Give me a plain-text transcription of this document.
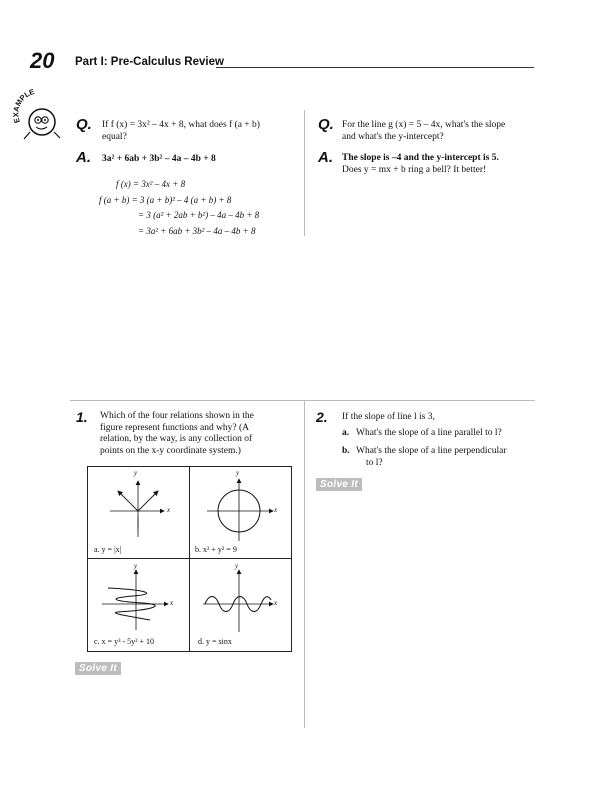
20 Part I: Pre-Calculus Review
EXAMPLE
Q. If f (x) = 3x² – 4x + 8, what does f (a + b)
equal?
A. 3a² + 6ab + 3b² – 4a – 4b + 8
f (x) = 3x² – 4x + 8
f (a + b) = 3 (a + b)² – 4 (a + b) + 8
= 3 (a² + 2ab + b²) – 4a – 4b + 8
= 3a² + 6ab + 3b² – 4a – 4b + 8
Q. For the line g (x) = 5 – 4x, what's the slope
and what's the y-intercept?
A. The slope is –4 and the y-intercept is 5.
Does y = mx + b ring a bell? It better!
1. Which of the four relations shown in the
figure represent functions and why? (A
relation, by the way, is any collection of
points on the x-y coordinate system.)
y
x
a. y = |x|
y
x
b. x² + y² = 9
y
x
c. x = y³ - 5y² + 10
y
x
d. y = sinx
Solve It
2. If the slope of line l is 3,
a. What's the slope of a line parallel to l?
b. What's the slope of a line perpendicular
to l?
Solve It
